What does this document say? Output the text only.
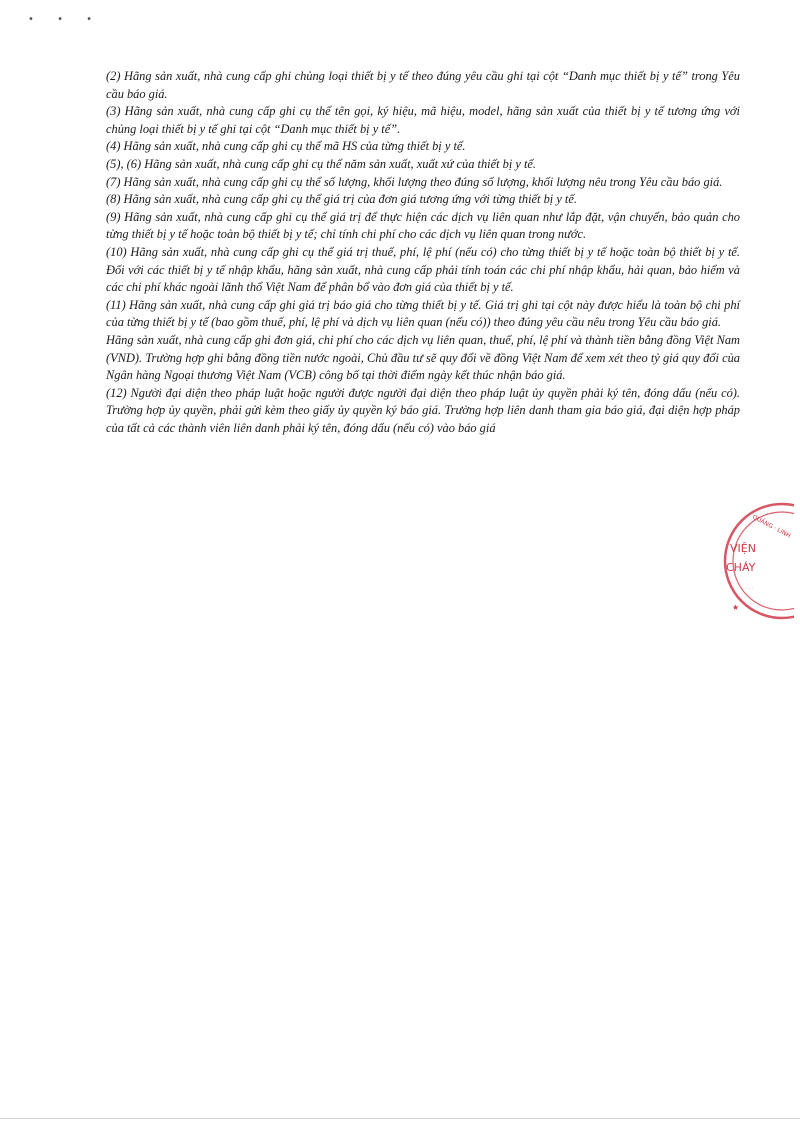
• • •

(2) Hãng sản xuất, nhà cung cấp ghi chủng loại thiết bị y tế theo đúng yêu cầu ghi tại cột “Danh mục thiết bị y tế” trong Yêu cầu báo giá.

(3) Hãng sản xuất, nhà cung cấp ghi cụ thể tên gọi, ký hiệu, mã hiệu, model, hãng sản xuất của thiết bị y tế tương ứng với chủng loại thiết bị y tế ghi tại cột “Danh mục thiết bị y tế”.

(4) Hãng sản xuất, nhà cung cấp ghi cụ thể mã HS của từng thiết bị y tế.

(5), (6) Hãng sản xuất, nhà cung cấp ghi cụ thể năm sản xuất, xuất xứ của thiết bị y tế.

(7) Hãng sản xuất, nhà cung cấp ghi cụ thể số lượng, khối lượng theo đúng số lượng, khối lượng nêu trong Yêu cầu báo giá.

(8) Hãng sản xuất, nhà cung cấp ghi cụ thể giá trị của đơn giá tương ứng với từng thiết bị y tế.

(9) Hãng sản xuất, nhà cung cấp ghi cụ thể giá trị để thực hiện các dịch vụ liên quan như lắp đặt, vận chuyển, bảo quản cho từng thiết bị y tế hoặc toàn bộ thiết bị y tế; chỉ tính chi phí cho các dịch vụ liên quan trong nước.

(10) Hãng sản xuất, nhà cung cấp ghi cụ thể giá trị thuế, phí, lệ phí (nếu có) cho từng thiết bị y tế hoặc toàn bộ thiết bị y tế. Đối với các thiết bị y tế nhập khẩu, hãng sản xuất, nhà cung cấp phải tính toán các chi phí nhập khẩu, hải quan, bảo hiểm và các chi phí khác ngoài lãnh thổ Việt Nam để phân bổ vào đơn giá của thiết bị y tế.

(11) Hãng sản xuất, nhà cung cấp ghi giá trị báo giá cho từng thiết bị y tế. Giá trị ghi tại cột này được hiểu là toàn bộ chi phí của từng thiết bị y tế (bao gồm thuế, phí, lệ phí và dịch vụ liên quan (nếu có)) theo đúng yêu cầu nêu trong Yêu cầu báo giá.

Hãng sản xuất, nhà cung cấp ghi đơn giá, chi phí cho các dịch vụ liên quan, thuế, phí, lệ phí và thành tiền bằng đồng Việt Nam (VND). Trường hợp ghi bằng đồng tiền nước ngoài, Chủ đầu tư sẽ quy đổi về đồng Việt Nam để xem xét theo tỷ giá quy đổi của Ngân hàng Ngoại thương Việt Nam (VCB) công bố tại thời điểm ngày kết thúc nhận báo giá.

(12) Người đại diện theo pháp luật hoặc người được người đại diện theo pháp luật ủy quyền phải ký tên, đóng dấu (nếu có). Trường hợp ủy quyền, phải gửi kèm theo giấy ủy quyền ký báo giá. Trường hợp liên danh tham gia báo giá, đại diện hợp pháp của tất cả các thành viên liên danh phải ký tên, đóng dấu (nếu có) vào báo giá

VIỆN
CHÁY
QUẢNG · LINH
★
· · · ·
